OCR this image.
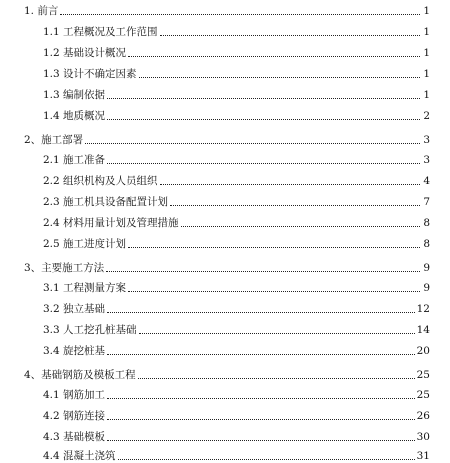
1. 前言	1
1.1 工程概况及工作范围	1
1.2 基础设计概况	1
1.3 设计不确定因素	1
1.3 编制依据	1
1.4 地质概况	2
2、施工部署	3
2.1 施工准备	3
2.2 组织机构及人员组织	4
2.3 施工机具设备配置计划	7
2.4 材料用量计划及管理措施	8
2.5 施工进度计划	8
3、主要施工方法	9
3.1 工程测量方案	9
3.2 独立基础	12
3.3 人工挖孔桩基础	14
3.4 旋挖桩基	20
4、基础钢筋及模板工程	25
4.1 钢筋加工	25
4.2 钢筋连接	26
4.3 基础模板	30
4.4 混凝土浇筑	31
